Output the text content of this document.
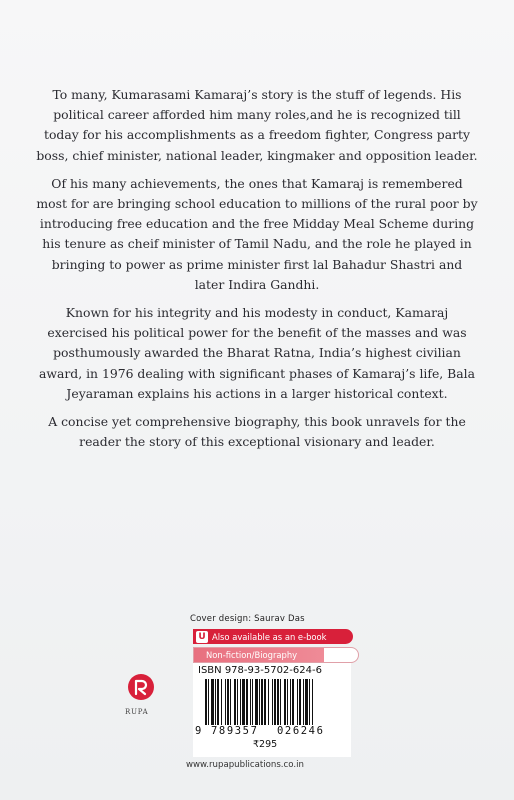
To many, Kumarasami Kamaraj’s story is the stuff of legends. His political career afforded him many roles,and he is recognized till today for his accomplishments as a freedom fighter, Congress party boss, chief minister, national leader, kingmaker and opposition leader.

Of his many achievements, the ones that Kamaraj is remembered most for are bringing school education to millions of the rural poor by introducing free education and the free Midday Meal Scheme during his tenure as cheif minister of Tamil Nadu, and the role he played in bringing to power as prime minister first lal Bahadur Shastri and later Indira Gandhi.

Known for his integrity and his modesty in conduct, Kamaraj exercised his political power for the benefit of the masses and was posthumously awarded the Bharat Ratna, India’s highest civilian award, in 1976 dealing with significant phases of Kamaraj’s life, Bala Jeyaraman explains his actions in a larger historical context.

A concise yet comprehensive biography, this book unravels for the reader the story of this exceptional visionary and leader.

Cover design: Saurav Das
U Also available as an e-book
Non-fiction/Biography
RUPA
ISBN 978-93-5702-624-6
9 789357 026246
₹295
www.rupapublications.co.in
